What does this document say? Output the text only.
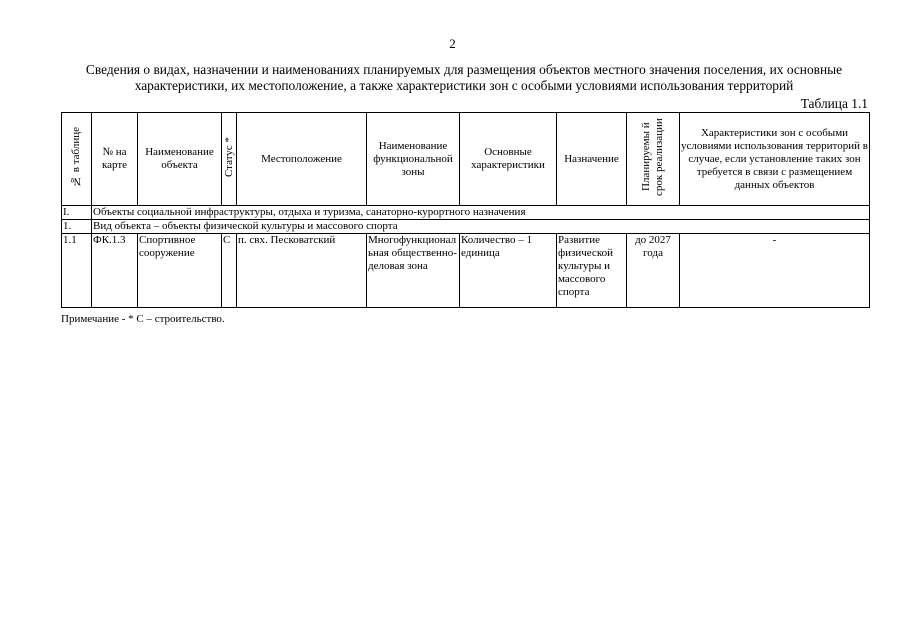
2
Сведения о видах, назначении и наименованиях планируемых для размещения объектов местного значения поселения, их основные характеристики, их местоположение, а также характеристики зон с особыми условиями использования территорий
Таблица 1.1
№ в таблице	№ на карте	Наименование объекта	Статус *	Местоположение	Наименование функциональной зоны	Основные характеристики	Назначение	Планируемы й срок реализации	Характеристики зон с особыми условиями использования территорий в случае, если установление таких зон требуется в связи с размещением данных объектов
I.	Объекты социальной инфраструктуры, отдыха и туризма, санаторно-курортного назначения								
1.	Вид объекта – объекты физической культуры и массового спорта								
1.1	ФК.1.3	Спортивное сооружение	С	п. свх. Песковатский	Многофункциональная общественно-деловая зона	Количество – 1 единица	Развитие физической культуры и массового спорта	до 2027 года	-
Примечание - * С – строительство.
